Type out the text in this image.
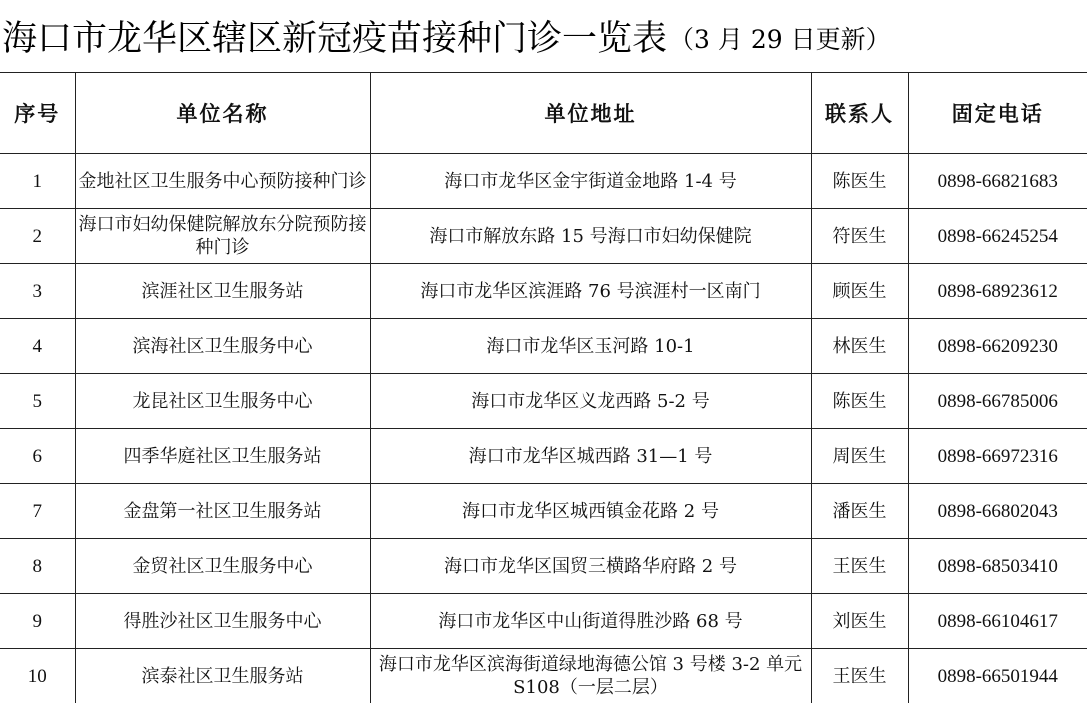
海口市龙华区辖区新冠疫苗接种门诊一览表 （3 月 29 日更新）
序号	单位名称	单位地址	联系人	固定电话
1	金地社区卫生服务中心预防接种门诊	海口市龙华区金宇街道金地路 1-4 号	陈医生	0898-66821683
2	海口市妇幼保健院解放东分院预防接种门诊	海口市解放东路 15 号海口市妇幼保健院	符医生	0898-66245254
3	滨涯社区卫生服务站	海口市龙华区滨涯路 76 号滨涯村一区南门	顾医生	0898-68923612
4	滨海社区卫生服务中心	海口市龙华区玉河路 10-1	林医生	0898-66209230
5	龙昆社区卫生服务中心	海口市龙华区义龙西路 5-2 号	陈医生	0898-66785006
6	四季华庭社区卫生服务站	海口市龙华区城西路 31—1 号	周医生	0898-66972316
7	金盘第一社区卫生服务站	海口市龙华区城西镇金花路 2 号	潘医生	0898-66802043
8	金贸社区卫生服务中心	海口市龙华区国贸三横路华府路 2 号	王医生	0898-68503410
9	得胜沙社区卫生服务中心	海口市龙华区中山街道得胜沙路 68 号	刘医生	0898-66104617
10	滨泰社区卫生服务站	海口市龙华区滨海街道绿地海德公馆 3 号楼 3-2 单元 S108（一层二层）	王医生	0898-66501944
